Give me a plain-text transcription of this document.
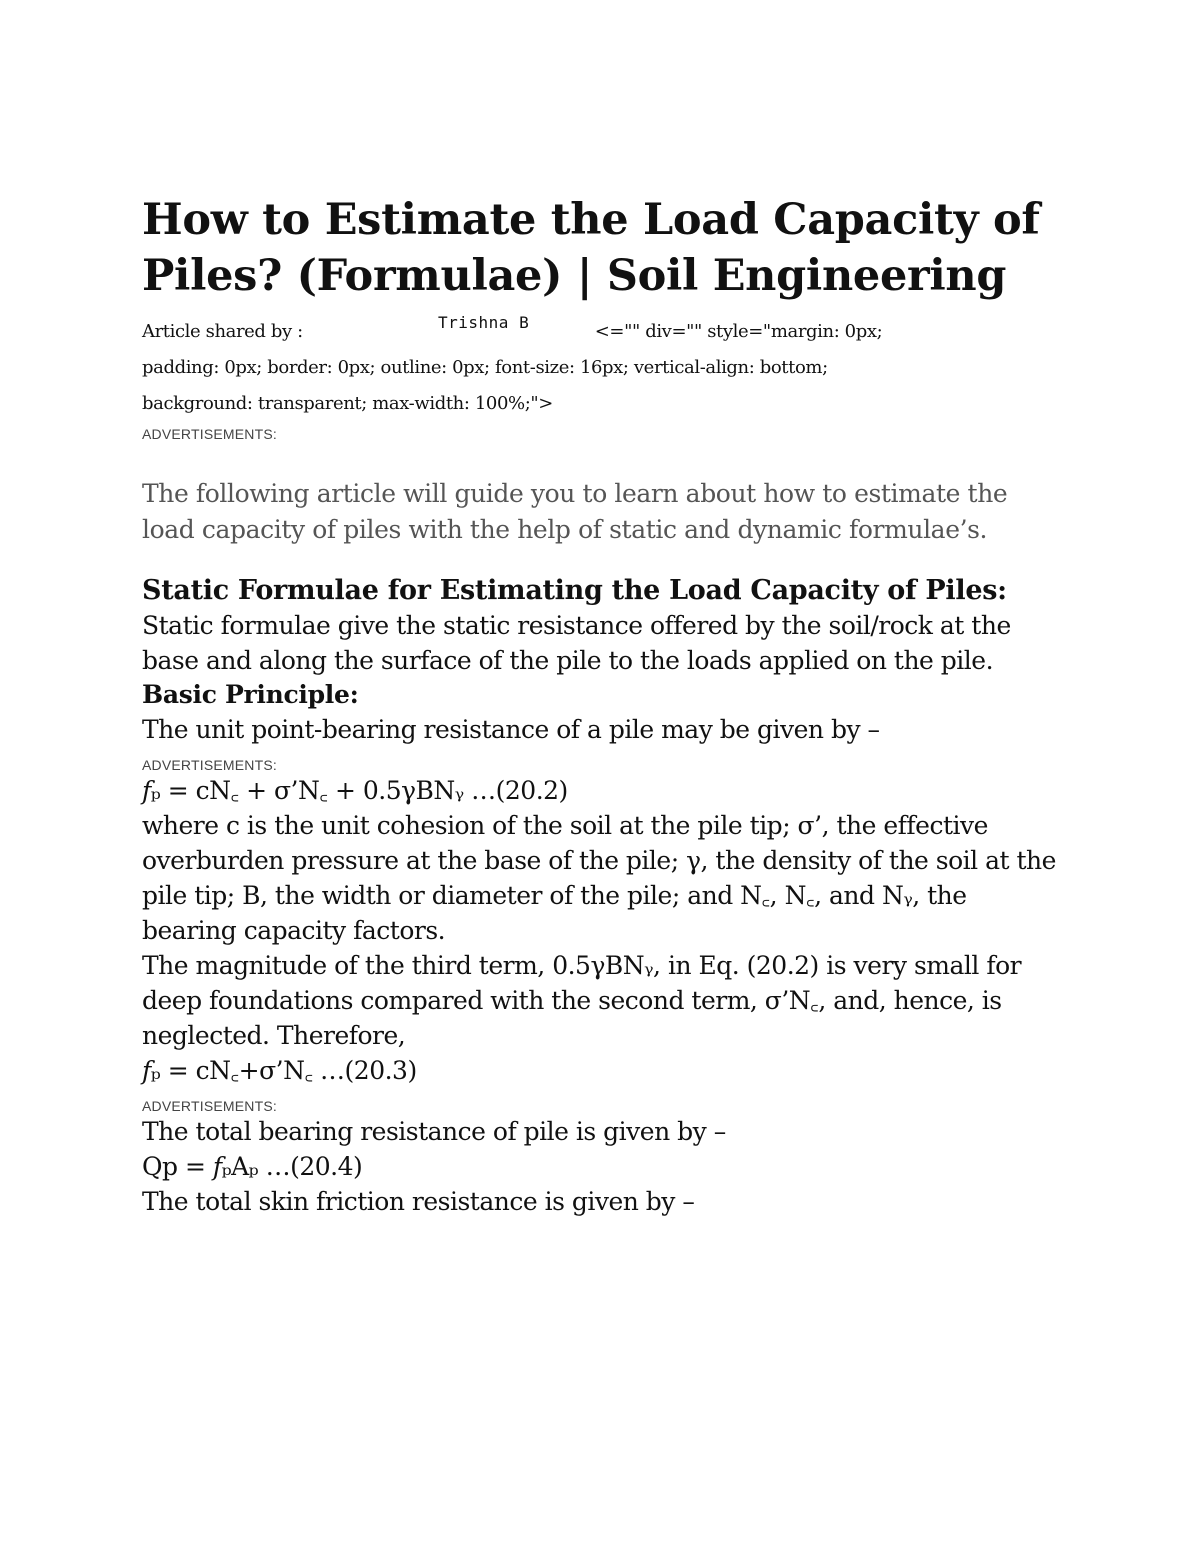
How to Estimate the Load Capacity of Piles? (Formulae) | Soil Engineering
Article shared by :	<="" div="" style="margin: 0px;
Trishna B
padding: 0px; border: 0px; outline: 0px; font-size: 16px; vertical-align: bottom;
background: transparent; max-width: 100%;">
ADVERTISEMENTS:

The following article will guide you to learn about how to estimate the load capacity of piles with the help of static and dynamic formulae’s.

Static Formulae for Estimating the Load Capacity of Piles:

Static formulae give the static resistance offered by the soil/rock at the base and along the surface of the pile to the loads applied on the pile.

Basic Principle:

The unit point-bearing resistance of a pile may be given by –

ADVERTISEMENTS:

𝑓ₚ = cN꜀ + σ’N꜀ + 0.5γBNᵧ …(20.2)

where c is the unit cohesion of the soil at the pile tip; σ’, the effective overburden pressure at the base of the pile; γ, the density of the soil at the pile tip; B, the width or diameter of the pile; and N꜀, N꜀, and Nᵧ, the bearing capacity factors.

The magnitude of the third term, 0.5γBNᵧ, in Eq. (20.2) is very small for deep foundations compared with the second term, σ’N꜀, and, hence, is neglected. Therefore,

𝑓ₚ = cN꜀+σ’N꜀ …(20.3)

ADVERTISEMENTS:

The total bearing resistance of pile is given by –

Qp = 𝑓ₚAₚ …(20.4)

The total skin friction resistance is given by –
